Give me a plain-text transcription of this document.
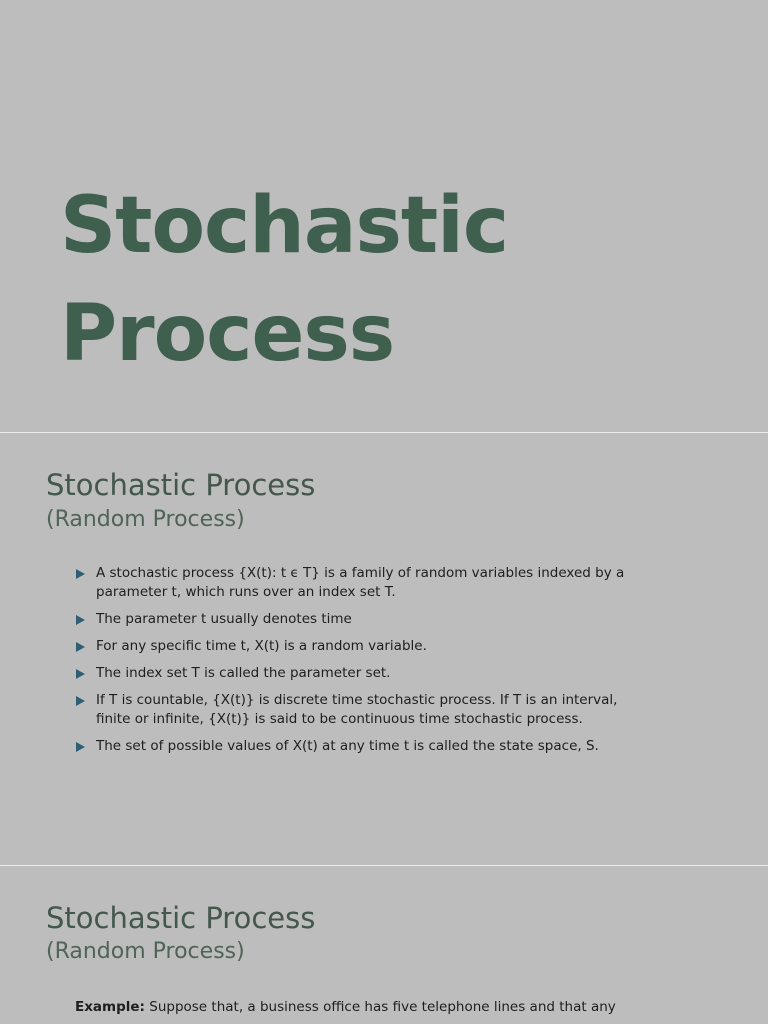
Stochastic
Process
Stochastic Process

(Random Process)

A stochastic process {X(t): t ϵ T} is a family of random variables indexed by a parameter t, which runs over an index set T.
The parameter t usually denotes time
For any specific time t, X(t) is a random variable.
The index set T is called the parameter set.
If T is countable, {X(t)} is discrete time stochastic process. If T is an interval, finite or infinite, {X(t)} is said to be continuous time stochastic process.
The set of possible values of X(t) at any time t is called the state space, S.
Stochastic Process

(Random Process)

Example: Suppose that, a business office has five telephone lines and that any
